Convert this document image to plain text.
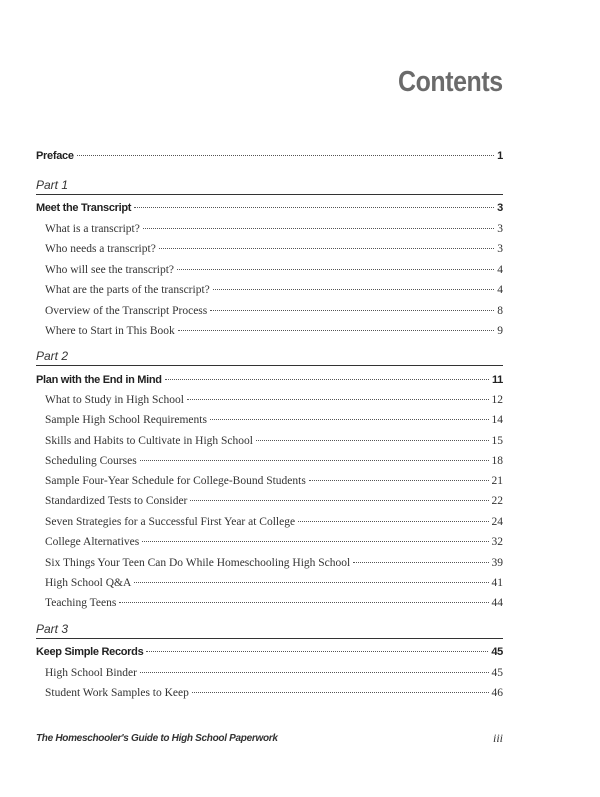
Contents
Preface	1
Part 1
Meet the Transcript	3
What is a transcript?	3
Who needs a transcript?	3
Who will see the transcript?	4
What are the parts of the transcript?	4
Overview of the Transcript Process	8
Where to Start in This Book	9
Part 2
Plan with the End in Mind	11
What to Study in High School	12
Sample High School Requirements	14
Skills and Habits to Cultivate in High School	15
Scheduling Courses	18
Sample Four-Year Schedule for College-Bound Students	21
Standardized Tests to Consider	22
Seven Strategies for a Successful First Year at College	24
College Alternatives	32
Six Things Your Teen Can Do While Homeschooling High School	39
High School Q&A	41
Teaching Teens	44
Part 3
Keep Simple Records	45
High School Binder	45
Student Work Samples to Keep	46
The Homeschooler's Guide to High School Paperwork	iii
